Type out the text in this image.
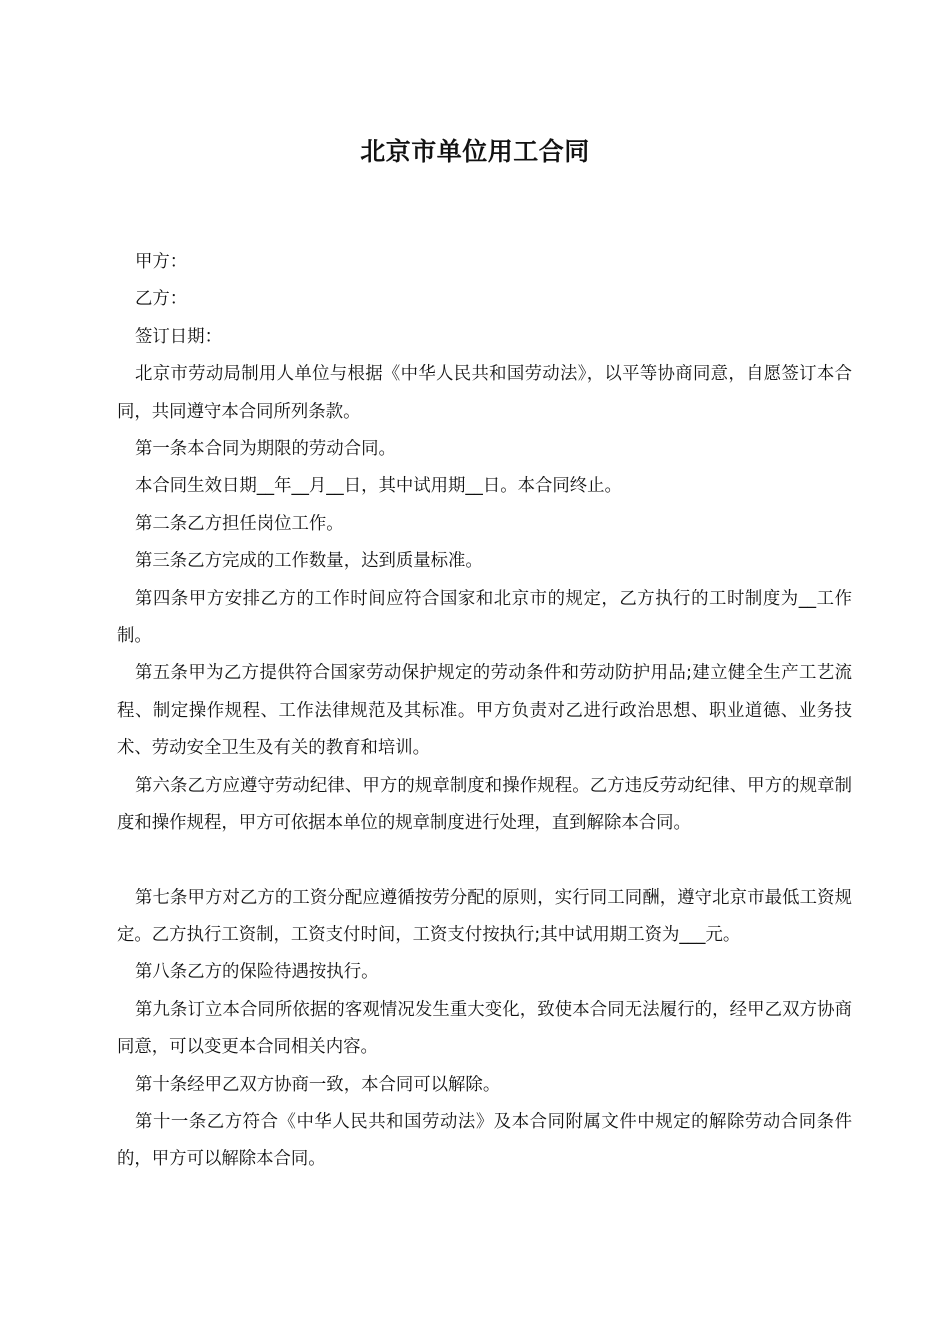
北京市单位用工合同

甲方：

乙方：

签订日期：

北京市劳动局制用人单位与根据《中华人民共和国劳动法》，以平等协商同意，自愿签订本合同，共同遵守本合同所列条款。

第一条本合同为期限的劳动合同。

本合同生效日期__年__月__日，其中试用期__日。本合同终止。

第二条乙方担任岗位工作。

第三条乙方完成的工作数量，达到质量标准。

第四条甲方安排乙方的工作时间应符合国家和北京市的规定，乙方执行的工时制度为__工作制。

第五条甲为乙方提供符合国家劳动保护规定的劳动条件和劳动防护用品;建立健全生产工艺流程、制定操作规程、工作法律规范及其标准。甲方负责对乙进行政治思想、职业道德、业务技术、劳动安全卫生及有关的教育和培训。

第六条乙方应遵守劳动纪律、甲方的规章制度和操作规程。乙方违反劳动纪律、甲方的规章制度和操作规程，甲方可依据本单位的规章制度进行处理，直到解除本合同。

第七条甲方对乙方的工资分配应遵循按劳分配的原则，实行同工同酬，遵守北京市最低工资规定。乙方执行工资制，工资支付时间，工资支付按执行;其中试用期工资为___元。

第八条乙方的保险待遇按执行。

第九条订立本合同所依据的客观情况发生重大变化，致使本合同无法履行的，经甲乙双方协商同意，可以变更本合同相关内容。

第十条经甲乙双方协商一致，本合同可以解除。

第十一条乙方符合《中华人民共和国劳动法》及本合同附属文件中规定的解除劳动合同条件的，甲方可以解除本合同。
